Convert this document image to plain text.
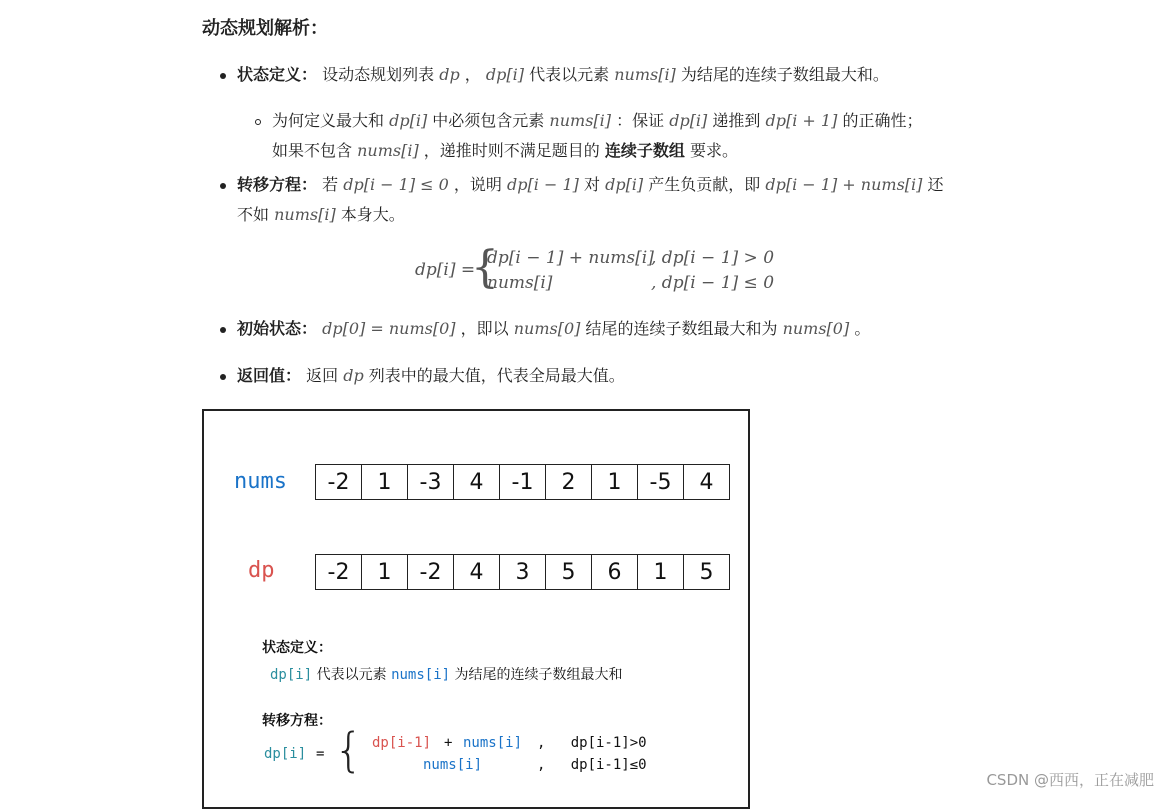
动态规划解析：
状态定义： 设动态规划列表 dp ， dp[i] 代表以元素 nums[i] 为结尾的连续子数组最大和。
为何定义最大和 dp[i] 中必须包含元素 nums[i] ：保证 dp[i] 递推到 dp[i + 1] 的正确性；
如果不包含 nums[i] ，递推时则不满足题目的 连续子数组 要求。
转移方程： 若 dp[i − 1] ≤ 0 ，说明 dp[i − 1] 对 dp[i] 产生负贡献，即 dp[i − 1] + nums[i] 还
不如 nums[i] 本身大。
dp[i] =
{
dp[i − 1] + nums[i]
, dp[i − 1] > 0
nums[i]	, dp[i − 1] ≤ 0
初始状态： dp[0] = nums[0] ，即以 nums[0] 结尾的连续子数组最大和为 nums[0] 。
返回值： 返回 dp 列表中的最大值，代表全局最大值。
nums	-2	1	-3	4	-1	2	1	-5	4
dp	-2	1	-2	4	3	5	6	1	5
状态定义：
dp[i] 代表以元素 nums[i] 为结尾的连续子数组最大和
转移方程：
dp[i] = { dp[i-1] + nums[i] ,   dp[i-1]>0
nums[i]	,   dp[i-1]≤0
CSDN @西西，正在减肥
